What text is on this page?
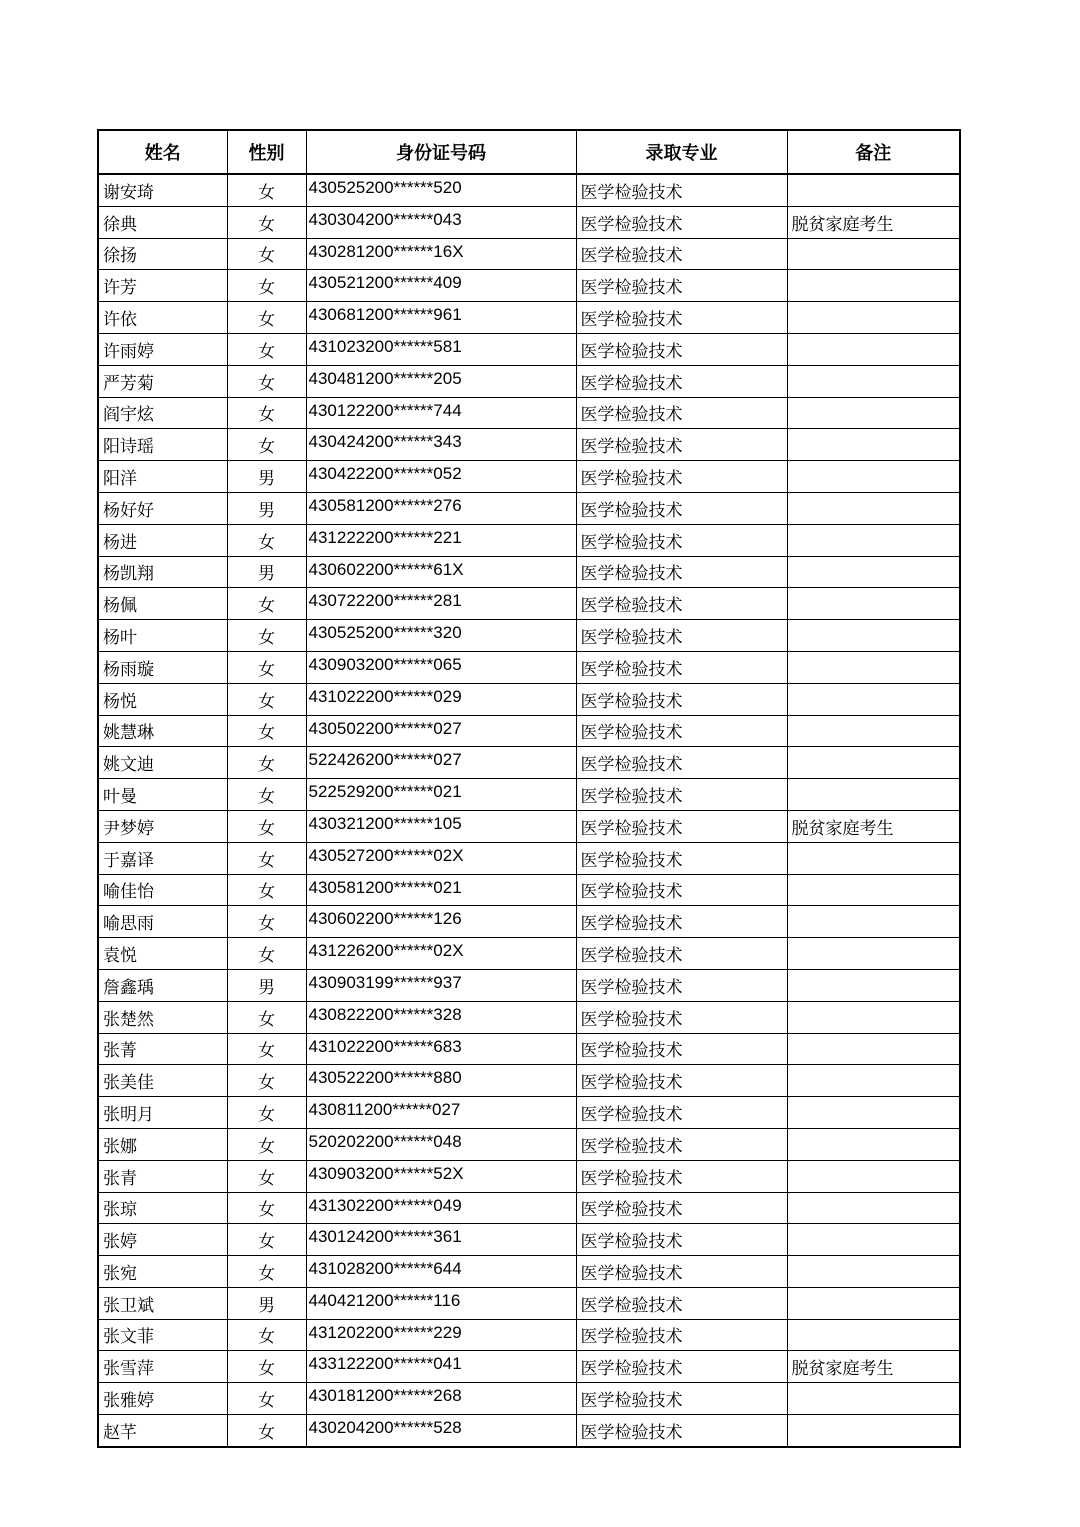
姓名	性别	身份证号码	录取专业	备注
谢安琦	女	430525200******520	医学检验技术	
徐典	女	430304200******043	医学检验技术	脱贫家庭考生
徐扬	女	430281200******16X	医学检验技术	
许芳	女	430521200******409	医学检验技术	
许依	女	430681200******961	医学检验技术	
许雨婷	女	431023200******581	医学检验技术	
严芳菊	女	430481200******205	医学检验技术	
阎宇炫	女	430122200******744	医学检验技术	
阳诗瑶	女	430424200******343	医学检验技术	
阳洋	男	430422200******052	医学检验技术	
杨好好	男	430581200******276	医学检验技术	
杨进	女	431222200******221	医学检验技术	
杨凯翔	男	430602200******61X	医学检验技术	
杨佩	女	430722200******281	医学检验技术	
杨叶	女	430525200******320	医学检验技术	
杨雨璇	女	430903200******065	医学检验技术	
杨悦	女	431022200******029	医学检验技术	
姚慧琳	女	430502200******027	医学检验技术	
姚文迪	女	522426200******027	医学检验技术	
叶曼	女	522529200******021	医学检验技术	
尹梦婷	女	430321200******105	医学检验技术	脱贫家庭考生
于嘉译	女	430527200******02X	医学检验技术	
喻佳怡	女	430581200******021	医学检验技术	
喻思雨	女	430602200******126	医学检验技术	
袁悦	女	431226200******02X	医学检验技术	
詹鑫瑀	男	430903199******937	医学检验技术	
张楚然	女	430822200******328	医学检验技术	
张菁	女	431022200******683	医学检验技术	
张美佳	女	430522200******880	医学检验技术	
张明月	女	430811200******027	医学检验技术	
张娜	女	520202200******048	医学检验技术	
张青	女	430903200******52X	医学检验技术	
张琼	女	431302200******049	医学检验技术	
张婷	女	430124200******361	医学检验技术	
张宛	女	431028200******644	医学检验技术	
张卫斌	男	440421200******116	医学检验技术	
张文菲	女	431202200******229	医学检验技术	
张雪萍	女	433122200******041	医学检验技术	脱贫家庭考生
张雅婷	女	430181200******268	医学检验技术	
赵芊	女	430204200******528	医学检验技术	
